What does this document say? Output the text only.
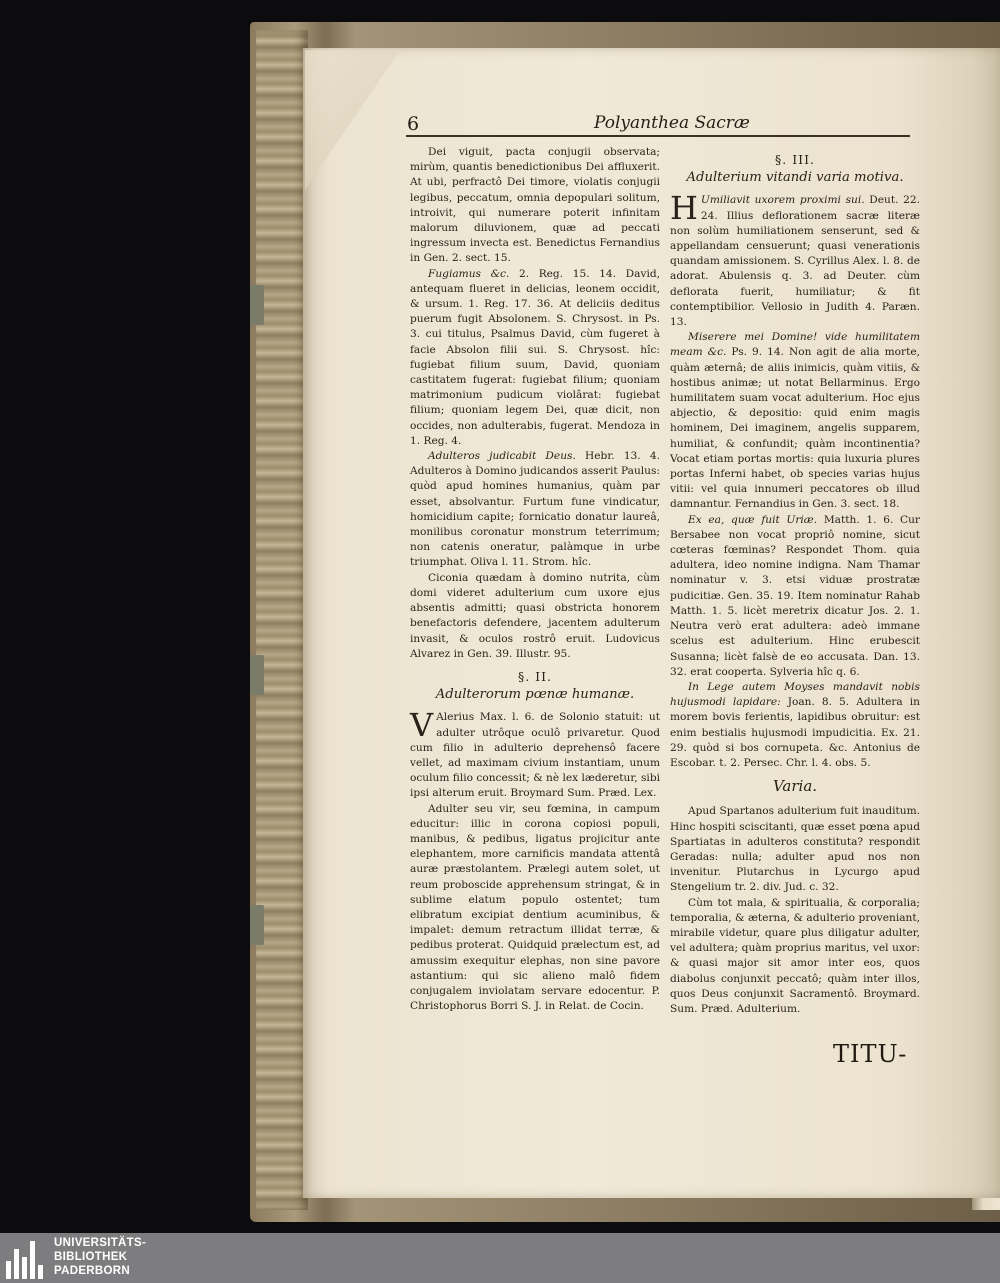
6	Polyanthea Sacræ

Dei viguit, pacta conjugii observata; mirùm, quantis benedictionibus Dei affluxerit. At ubi, perfractô Dei timore, violatis conjugii legibus, peccatum, omnia depopulari solitum, introivit, qui numerare poterit infinitam malorum diluvionem, quæ ad peccati ingressum invecta est. Benedictus Fernandius in Gen. 2. sect. 15.

Fugiamus &c. 2. Reg. 15. 14. David, antequam flueret in delicias, leonem occidit, & ursum. 1. Reg. 17. 36. At deliciis deditus puerum fugit Absolonem. S. Chrysost. in Ps. 3. cui titulus, Psalmus David, cùm fugeret à facie Absolon filii sui. S. Chrysost. hîc: fugiebat filium suum, David, quoniam castitatem fugerat: fugiebat filium; quoniam matrimonium pudicum violârat: fugiebat filium; quoniam legem Dei, quæ dicit, non occides, non adulterabis, fugerat. Mendoza in 1. Reg. 4.

Adulteros judicabit Deus. Hebr. 13. 4. Adulteros à Domino judicandos asserit Paulus: quòd apud homines humanius, quàm par esset, absolvantur. Furtum fune vindicatur, homicidium capite; fornicatio donatur laureâ, monilibus coronatur monstrum teterrimum; non catenis oneratur, palàmque in urbe triumphat. Oliva l. 11. Strom. hîc.

Ciconia quædam à domino nutrita, cùm domi videret adulterium cum uxore ejus absentis admitti; quasi obstricta honorem benefactoris defendere, jacentem adulterum invasit, & oculos rostrô eruit. Ludovicus Alvarez in Gen. 39. Illustr. 95.

§. II.
Adulterorum pœnæ humanæ.

V Alerius Max. l. 6. de Solonio statuit: ut adulter utrôque oculô privaretur. Quod cum filio in adulterio deprehensô facere vellet, ad maximam civium instantiam, unum oculum filio concessit; & nè lex læderetur, sibi ipsi alterum eruit. Broymard Sum. Præd. Lex.

Adulter seu vir, seu fœmina, in campum educitur: illic in corona copiosi populi, manibus, & pedibus, ligatus projicitur ante elephantem, more carnificis mandata attentâ auræ præstolantem. Prælegi autem solet, ut reum proboscide apprehensum stringat, & in sublime elatum populo ostentet; tum elibratum excipiat dentium acuminibus, & impalet: demum retractum illidat terræ, & pedibus proterat. Quidquid prælectum est, ad amussim exequitur elephas, non sine pavore astantium: qui sic alieno malô fidem conjugalem inviolatam servare edocentur. P. Christophorus Borri S. J. in Relat. de Cocin.

§. III.
Adulterium vitandi varia motiva.

H Umiliavit uxorem proximi sui. Deut. 22. 24. Illius deflorationem sacræ literæ non solùm humiliationem senserunt, sed & appellandam censuerunt; quasi venerationis quandam amissionem. S. Cyrillus Alex. l. 8. de adorat. Abulensis q. 3. ad Deuter. cùm deflorata fuerit, humiliatur; & fit contemptibilior. Vellosio in Judith 4. Paræn. 13.

Miserere mei Domine! vide humilitatem meam &c. Ps. 9. 14. Non agit de alia morte, quàm æternâ; de aliis inimicis, quàm vitiis, & hostibus animæ; ut notat Bellarminus. Ergo humilitatem suam vocat adulterium. Hoc ejus abjectio, & depositio: quid enim magis hominem, Dei imaginem, angelis supparem, humiliat, & confundit; quàm incontinentia? Vocat etiam portas mortis: quia luxuria plures portas Inferni habet, ob species varias hujus vitii: vel quia innumeri peccatores ob illud damnantur. Fernandius in Gen. 3. sect. 18.

Ex ea, quæ fuit Uriæ. Matth. 1. 6. Cur Bersabee non vocat propriô nomine, sicut cœteras fœminas? Respondet Thom. quia adultera, ideo nomine indigna. Nam Thamar nominatur v. 3. etsi viduæ prostratæ pudicitiæ. Gen. 35. 19. Item nominatur Rahab Matth. 1. 5. licèt meretrix dicatur Jos. 2. 1. Neutra verò erat adultera: adeò immane scelus est adulterium. Hinc erubescit Susanna; licèt falsè de eo accusata. Dan. 13. 32. erat cooperta. Sylveria hîc q. 6.

In Lege autem Moyses mandavit nobis hujusmodi lapidare: Joan. 8. 5. Adultera in morem bovis ferientis, lapidibus obruitur: est enim bestialis hujusmodi impudicitia. Ex. 21. 29. quòd si bos cornupeta. &c. Antonius de Escobar. t. 2. Persec. Chr. l. 4. obs. 5.

Varia.

Apud Spartanos adulterium fuit inauditum. Hinc hospiti sciscitanti, quæ esset pœna apud Spartiatas in adulteros constituta? respondit Geradas: nulla; adulter apud nos non invenitur. Plutarchus in Lycurgo apud Stengelium tr. 2. div. Jud. c. 32.

Cùm tot mala, & spiritualia, & corporalia; temporalia, & æterna, & adulterio proveniant, mirabile videtur, quare plus diligatur adulter, vel adultera; quàm proprius maritus, vel uxor: & quasi major sit amor inter eos, quos diabolus conjunxit peccatô; quàm inter illos, quos Deus conjunxit Sacramentô. Broymard. Sum. Præd. Adulterium.

TITU-
UNIVERSITÄTS-
BIBLIOTHEK
PADERBORN
